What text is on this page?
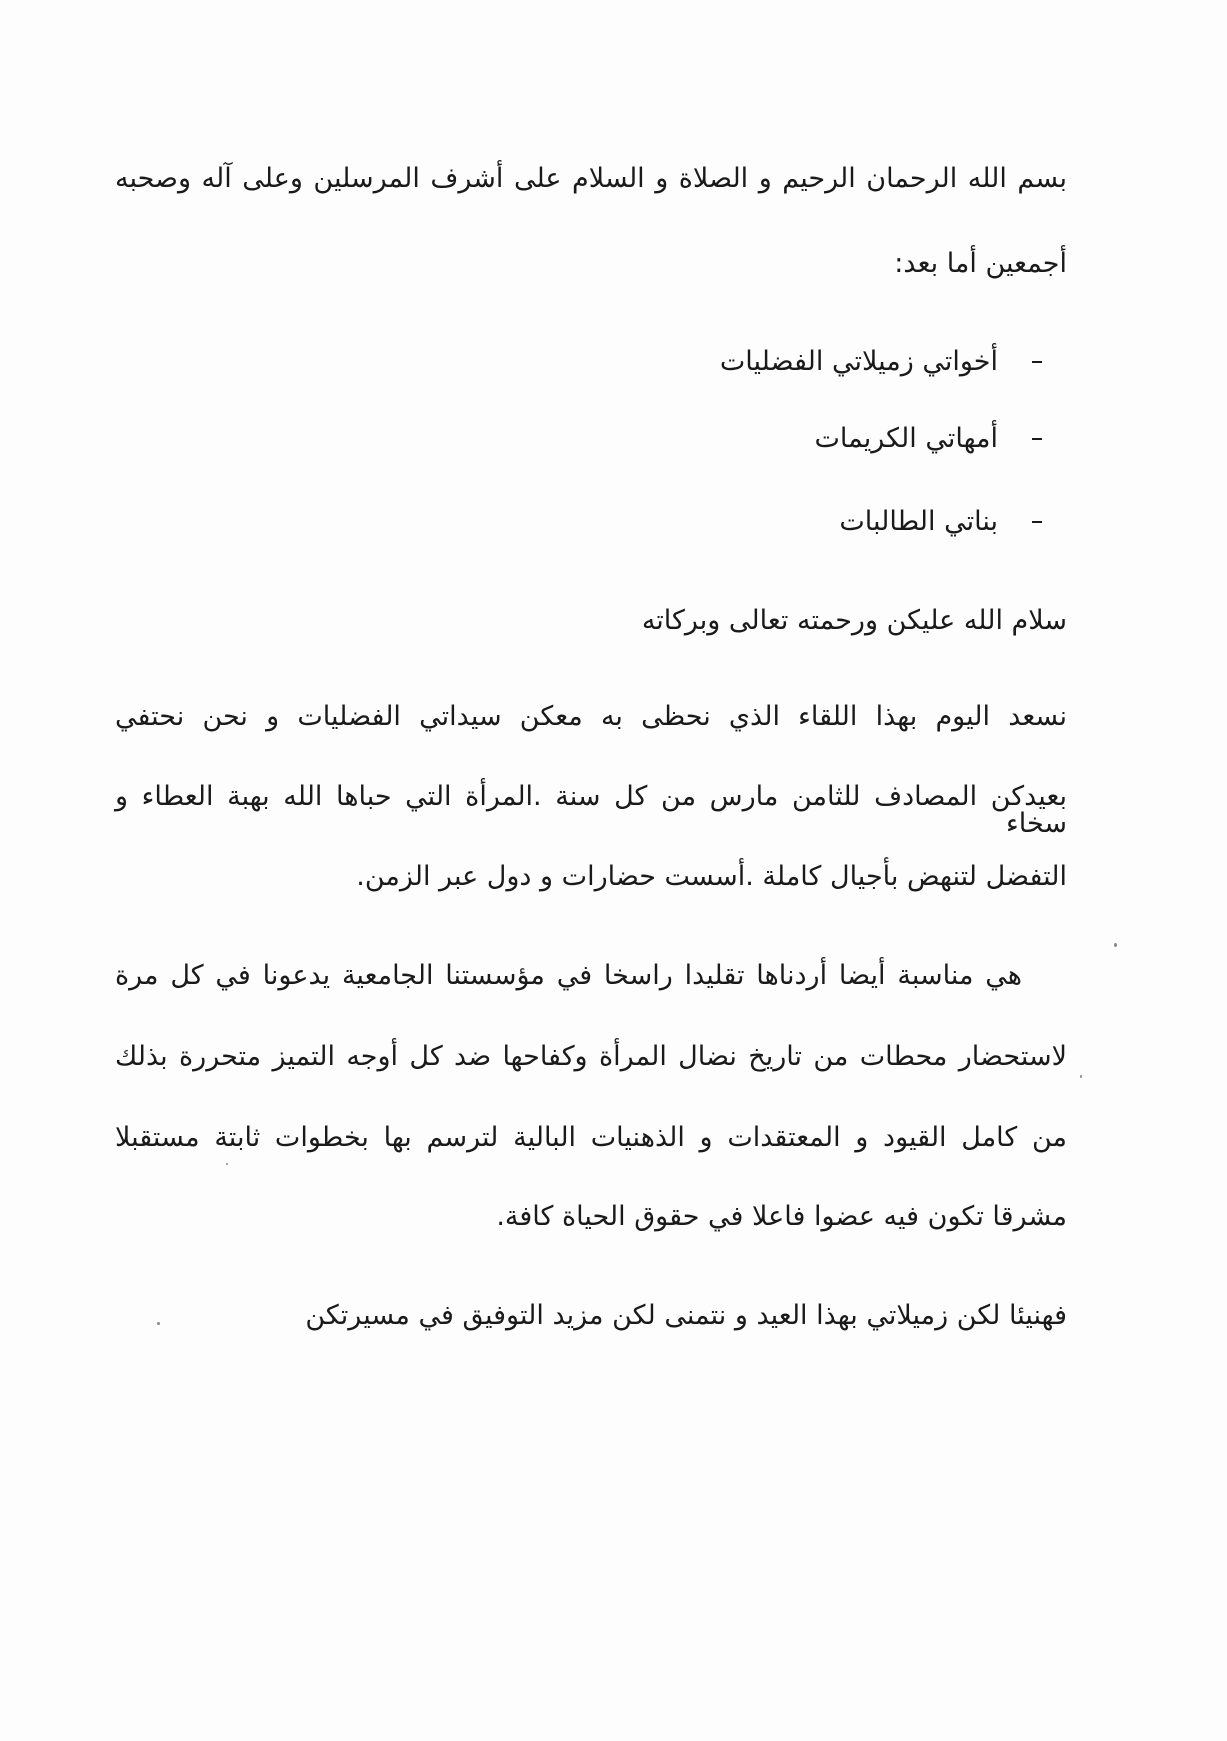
بسم الله الرحمان الرحيم و الصلاة و السلام على أشرف المرسلين وعلى آله وصحبه
أجمعين أما بعد:
أخواتي زميلاتي الفضليات
أمهاتي الكريمات
بناتي الطالبات
سلام الله عليكن ورحمته تعالى وبركاته
نسعد اليوم بهذا اللقاء الذي نحظى به معكن سيداتي الفضليات و نحن نحتفي
بعيدكن المصادف للثامن مارس من كل سنة .المرأة التي حباها الله بهبة العطاء و سخاء
التفضل لتنهض بأجيال كاملة .أسست حضارات و دول عبر الزمن.
هي مناسبة أيضا أردناها تقليدا راسخا في مؤسستنا الجامعية يدعونا في كل مرة
لاستحضار محطات من تاريخ نضال المرأة وكفاحها ضد كل أوجه التميز متحررة بذلك
من كامل القيود و المعتقدات و الذهنيات البالية لترسم بها بخطوات ثابتة مستقبلا
مشرقا تكون فيه عضوا فاعلا في حقوق الحياة كافة.
فهنيئا لكن زميلاتي بهذا العيد و نتمنى لكن مزيد التوفيق في مسيرتكن
